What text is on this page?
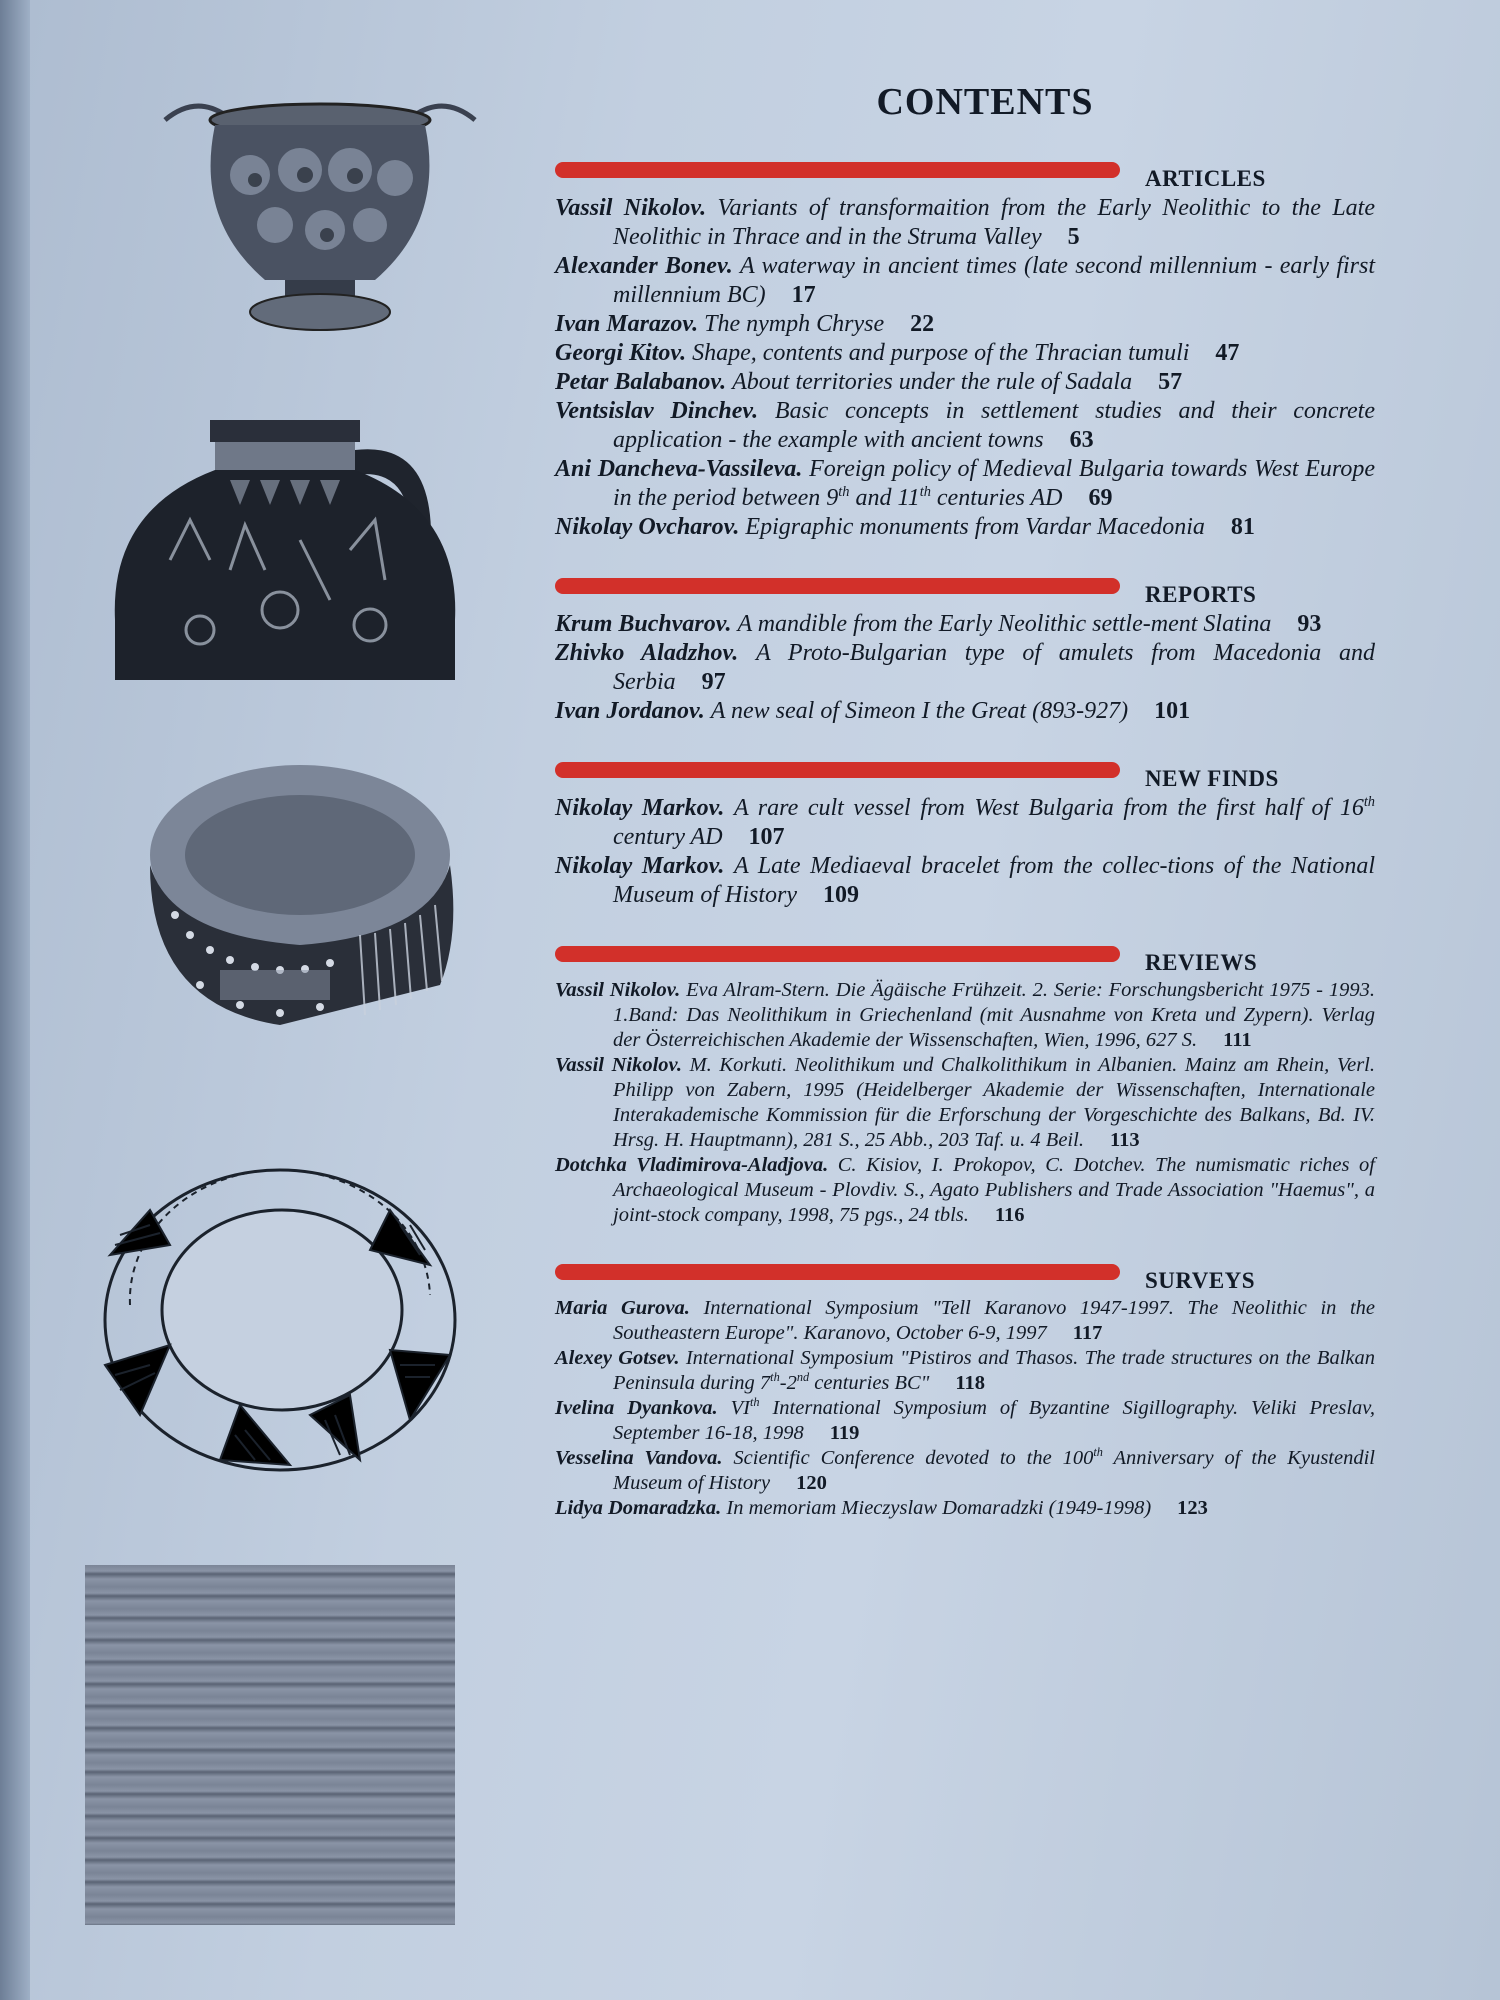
CONTENTS
ARTICLES

Vassil Nikolov. Variants of transformaition from the Early Neolithic to the Late Neolithic in Thrace and in the Struma Valley 5

Alexander Bonev. A waterway in ancient times (late second millennium - early first millennium BC) 17

Ivan Marazov. The nymph Chryse 22

Georgi Kitov. Shape, contents and purpose of the Thracian tumuli 47

Petar Balabanov. About territories under the rule of Sadala 57

Ventsislav Dinchev. Basic concepts in settlement studies and their concrete application - the example with ancient towns 63

Ani Dancheva-Vassileva. Foreign policy of Medieval Bulgaria towards West Europe in the period between 9th and 11th centuries AD 69

Nikolay Ovcharov. Epigraphic monuments from Vardar Macedonia 81

REPORTS

Krum Buchvarov. A mandible from the Early Neolithic settle-ment Slatina 93

Zhivko Aladzhov. A Proto-Bulgarian type of amulets from Macedonia and Serbia 97

Ivan Jordanov. A new seal of Simeon I the Great (893-927) 101

NEW FINDS

Nikolay Markov. A rare cult vessel from West Bulgaria from the first half of 16th century AD 107

Nikolay Markov. A Late Mediaeval bracelet from the collec-tions of the National Museum of History 109

REVIEWS

Vassil Nikolov. Eva Alram-Stern. Die Ägäische Frühzeit. 2. Serie: Forschungsbericht 1975 - 1993. 1.Band: Das Neolithikum in Griechenland (mit Ausnahme von Kreta und Zypern). Verlag der Österreichischen Akademie der Wissenschaften, Wien, 1996, 627 S. 111

Vassil Nikolov. M. Korkuti. Neolithikum und Chalkolithikum in Albanien. Mainz am Rhein, Verl. Philipp von Zabern, 1995 (Heidelberger Akademie der Wissenschaften, Internationale Interakademische Kommission für die Erforschung der Vorgeschichte des Balkans, Bd. IV. Hrsg. H. Hauptmann), 281 S., 25 Abb., 203 Taf. u. 4 Beil. 113

Dotchka Vladimirova-Aladjova. C. Kisiov, I. Prokopov, C. Dotchev. The numismatic riches of Archaeological Museum - Plovdiv. S., Agato Publishers and Trade Association "Haemus", a joint-stock company, 1998, 75 pgs., 24 tbls. 116

SURVEYS

Maria Gurova. International Symposium "Tell Karanovo 1947-1997. The Neolithic in the Southeastern Europe". Karanovo, October 6-9, 1997 117

Alexey Gotsev. International Symposium "Pistiros and Thasos. The trade structures on the Balkan Peninsula during 7th-2nd centuries BC" 118

Ivelina Dyankova. VIth International Symposium of Byzantine Sigillography. Veliki Preslav, September 16-18, 1998 119

Vesselina Vandova. Scientific Conference devoted to the 100th Anniversary of the Kyustendil Museum of History 120

Lidya Domaradzka. In memoriam Mieczyslaw Domaradzki (1949-1998) 123
